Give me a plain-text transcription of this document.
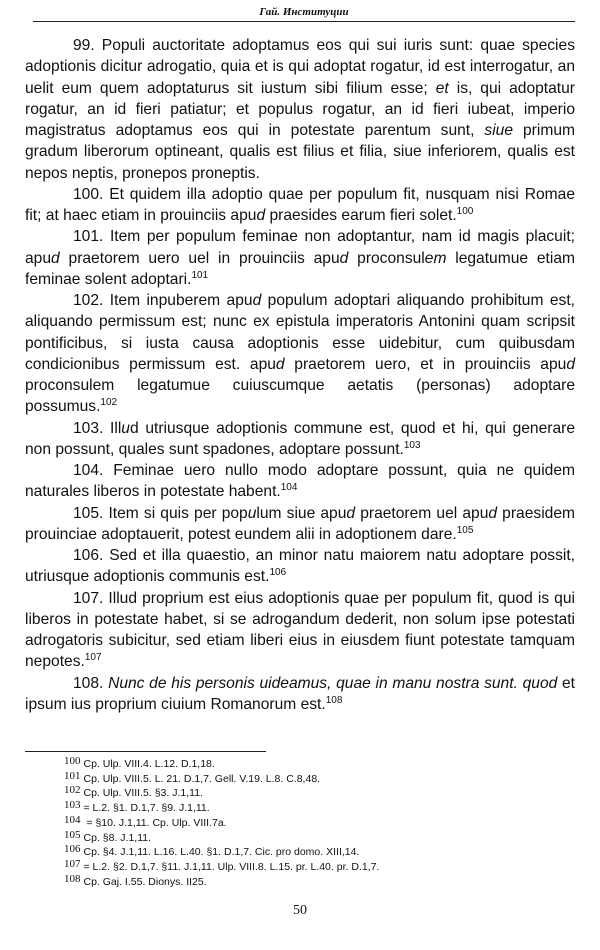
Гай. Институции

99. Populi auctoritate adoptamus eos qui sui iuris sunt: quae species adoptionis dicitur adrogatio, quia et is qui adoptat rogatur, id est interrogatur, an uelit eum quem adoptaturus sit iustum sibi filium esse; et is, qui adoptatur rogatur, an id fieri patiatur; et populus rogatur, an id fieri iubeat, imperio magistratus adoptamus eos qui in potestate parentum sunt, siue primum gradum liberorum optineant, qualis est filius et filia, siue inferiorem, qualis est nepos neptis, pronepos proneptis.

100. Et quidem illa adoptio quae per populum fit, nusquam nisi Romae fit; at haec etiam in prouinciis apud praesides earum fieri solet.$^{100}$

101. Item per populum feminae non adoptantur, nam id magis placuit; apud praetorem uero uel in prouinciis apud proconsulem legatumue etiam feminae solent adoptari.$^{101}$

102. Item inpuberem apud populum adoptari aliquando prohibitum est, aliquando permissum est; nunc ex epistula imperatoris Antonini quam scripsit pontificibus, si iusta causa adoptionis esse uidebitur, cum quibusdam condicionibus permissum est. apud praetorem uero, et in prouinciis apud proconsulem legatumue cuiuscumque aetatis (personas) adoptare possumus.$^{102}$

103. Illud utriusque adoptionis commune est, quod et hi, qui generare non possunt, quales sunt spadones, adoptare possunt.$^{103}$

104. Feminae uero nullo modo adoptare possunt, quia ne quidem naturales liberos in potestate habent.$^{104}$

105. Item si quis per populum siue apud praetorem uel apud praesidem prouinciae adoptauerit, potest eundem alii in adoptionem dare.$^{105}$

106. Sed et illa quaestio, an minor natu maiorem natu adoptare possit, utriusque adoptionis communis est.$^{106}$

107. Illud proprium est eius adoptionis quae per populum fit, quod is qui liberos in potestate habet, si se adrogandum dederit, non solum ipse potestati adrogatoris subicitur, sed etiam liberi eius in eiusdem fiunt potestate tamquam nepotes.$^{107}$

108. Nunc de his personis uideamus, quae in manu nostra sunt. quod et ipsum ius proprium ciuium Romanorum est.$^{108}$

$^{100}$ Cp. Ulp. VIII.4. L.12. D.1,18.
$^{101}$ Cp. Ulp. VIII.5. L. 21. D.1,7. Gell. V.19. L.8. C.8,48.
$^{102}$ Cp. Ulp. VIII.5. §3. J.1,11.
$^{103}$ = L.2. §1. D.1,7. §9. J.1,11.
$^{104}$ = §10. J.1,11. Cp. Ulp. VIII.7a.
$^{105}$ Cp. §8. J.1,11.
$^{106}$ Cp. §4. J.1,11. L.16. L.40. §1. D.1,7. Cic. pro domo. XIII,14.
$^{107}$ = L.2. §2. D.1,7. §11. J.1,11. Ulp. VIII.8. L.15. pr. L.40. pr. D.1,7.
$^{108}$ Cp. Gaj. I.55. Dionys. II25.
50
